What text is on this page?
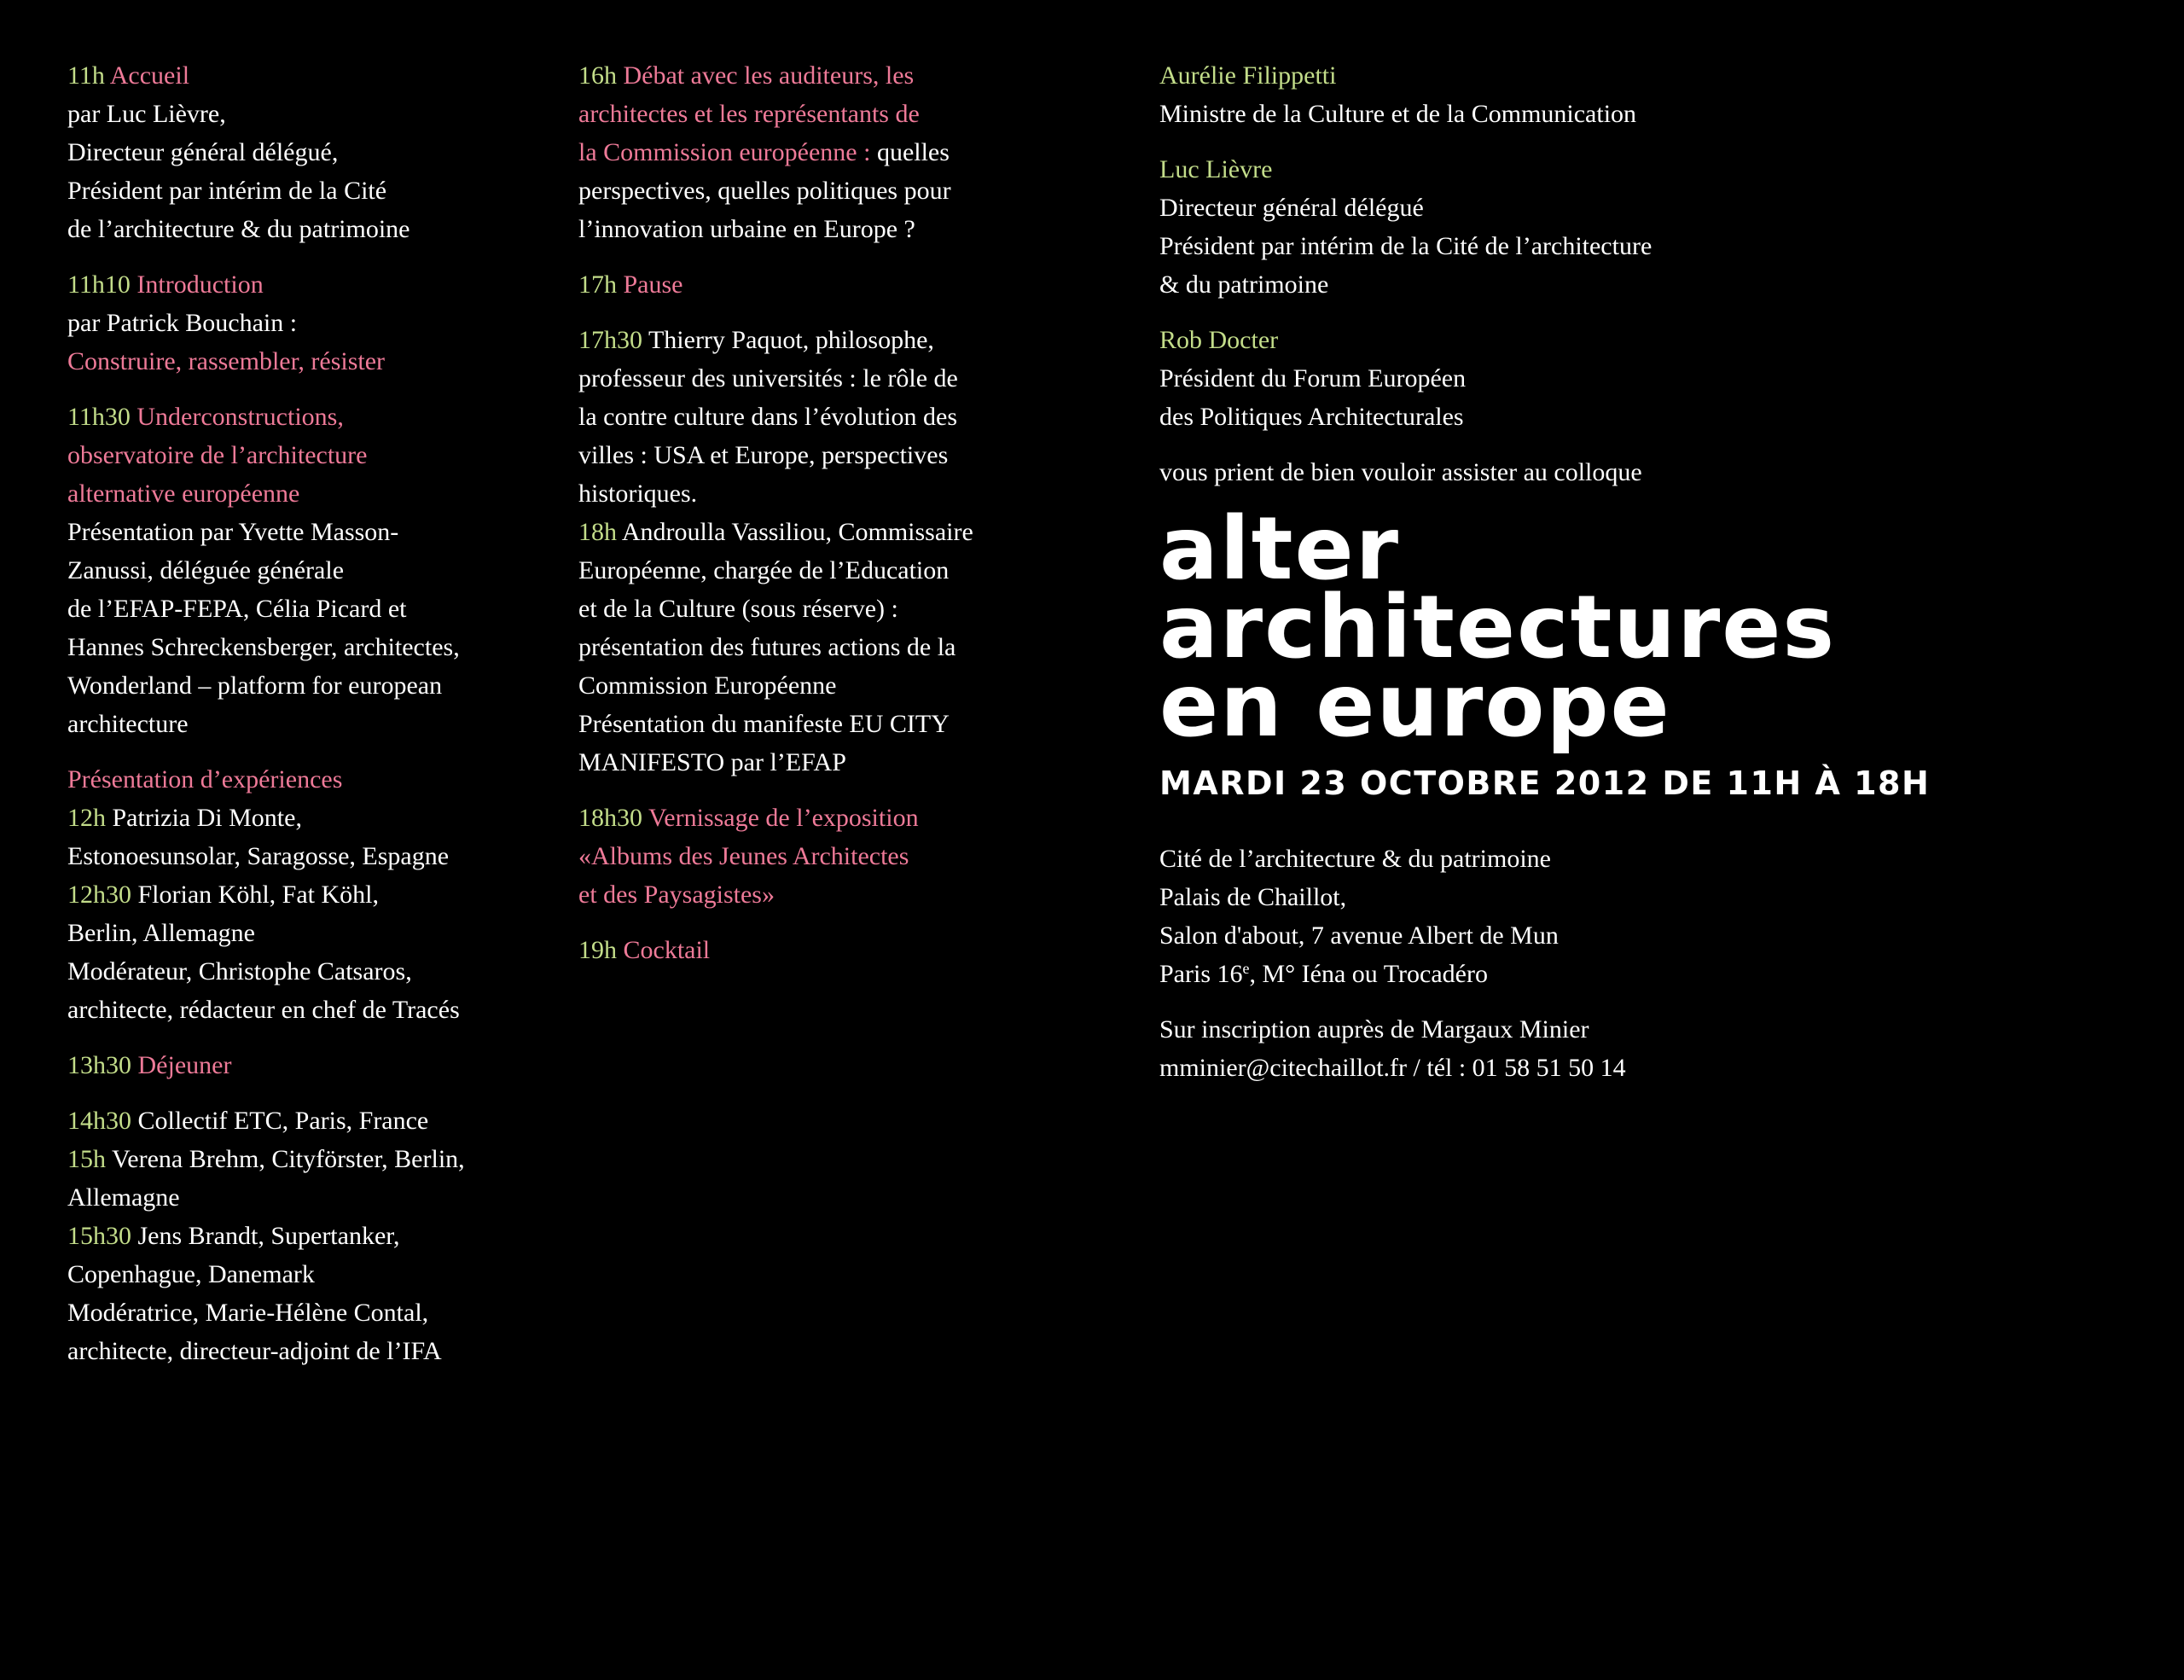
11h Accueil
par Luc Lièvre,
Directeur général délégué,
Président par intérim de la Cité
de l’architecture & du patrimoine
11h10 Introduction
par Patrick Bouchain :
Construire, rassembler, résister
11h30 Underconstructions,
observatoire de l’architecture
alternative européenne
Présentation par Yvette Masson-
Zanussi, déléguée générale
de l’EFAP-FEPA, Célia Picard et
Hannes Schreckensberger, architectes,
Wonderland – platform for european
architecture
Présentation d’expériences
12h Patrizia Di Monte,
Estonoesunsolar, Saragosse, Espagne
12h30 Florian Köhl, Fat Köhl,
Berlin, Allemagne
Modérateur, Christophe Catsaros,
architecte, rédacteur en chef de Tracés
13h30 Déjeuner
14h30 Collectif ETC, Paris, France
15h Verena Brehm, Cityförster, Berlin,
Allemagne
15h30 Jens Brandt, Supertanker,
Copenhague, Danemark
Modératrice, Marie-Hélène Contal,
architecte, directeur-adjoint de l’IFA
16h Débat avec les auditeurs, les
architectes et les représentants de
la Commission européenne : quelles
perspectives, quelles politiques pour
l’innovation urbaine en Europe ?
17h Pause
17h30 Thierry Paquot, philosophe,
professeur des universités : le rôle de
la contre culture dans l’évolution des
villes : USA et Europe, perspectives
historiques.
18h Androulla Vassiliou, Commissaire
Européenne, chargée de l’Education
et de la Culture (sous réserve) :
présentation des futures actions de la
Commission Européenne
Présentation du manifeste EU CITY
MANIFESTO par l’EFAP
18h30 Vernissage de l’exposition
«Albums des Jeunes Architectes
et des Paysagistes»
19h Cocktail
Aurélie Filippetti
Ministre de la Culture et de la Communication
Luc Lièvre
Directeur général délégué
Président par intérim de la Cité de l’architecture
& du patrimoine
Rob Docter
Président du Forum Européen
des Politiques Architecturales
vous prient de bien vouloir assister au colloque
alter
architectures
en europe
MARDI 23 OCTOBRE 2012 DE 11H À 18H
Cité de l’architecture & du patrimoine
Palais de Chaillot,
Salon d'about, 7 avenue Albert de Mun
Paris 16e, M° Iéna ou Trocadéro
Sur inscription auprès de Margaux Minier
mminier@citechaillot.fr / tél : 01 58 51 50 14
